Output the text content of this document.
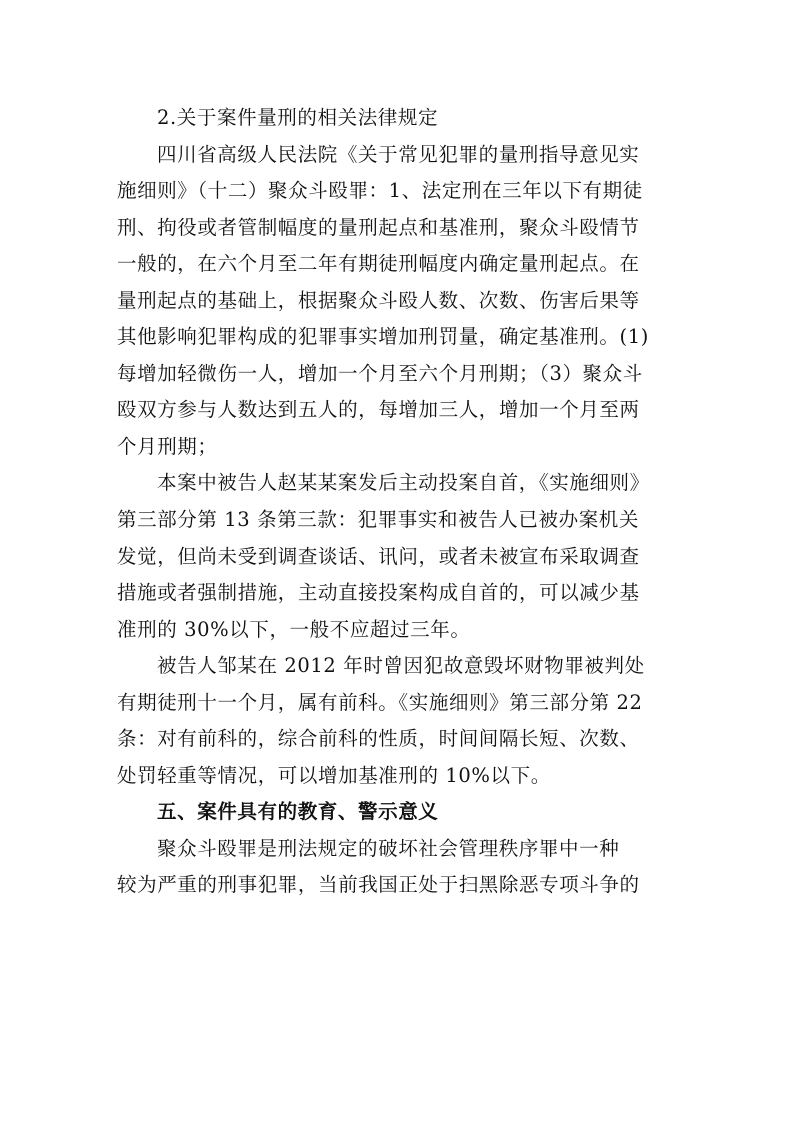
2.关于案件量刑的相关法律规定
四川省高级人民法院《关于常见犯罪的量刑指导意见实
施细则》（十二）聚众斗殴罪：1、法定刑在三年以下有期徒
刑、拘役或者管制幅度的量刑起点和基准刑，聚众斗殴情节
一般的，在六个月至二年有期徒刑幅度内确定量刑起点。在
量刑起点的基础上，根据聚众斗殴人数、次数、伤害后果等
其他影响犯罪构成的犯罪事实增加刑罚量，确定基准刑。(1)
每增加轻微伤一人，增加一个月至六个月刑期；（3）聚众斗
殴双方参与人数达到五人的，每增加三人，增加一个月至两
个月刑期；
本案中被告人赵某某案发后主动投案自首，《实施细则》
第三部分第 13 条第三款：犯罪事实和被告人已被办案机关
发觉，但尚未受到调查谈话、讯问，或者未被宣布采取调查
措施或者强制措施，主动直接投案构成自首的，可以减少基
准刑的 30%以下，一般不应超过三年。
被告人邹某在 2012 年时曾因犯故意毁坏财物罪被判处
有期徒刑十一个月，属有前科。《实施细则》第三部分第 22
条：对有前科的，综合前科的性质，时间间隔长短、次数、
处罚轻重等情况，可以增加基准刑的 10%以下。
五、案件具有的教育、警示意义
聚众斗殴罪是刑法规定的破坏社会管理秩序罪中一种
较为严重的刑事犯罪，当前我国正处于扫黑除恶专项斗争的
